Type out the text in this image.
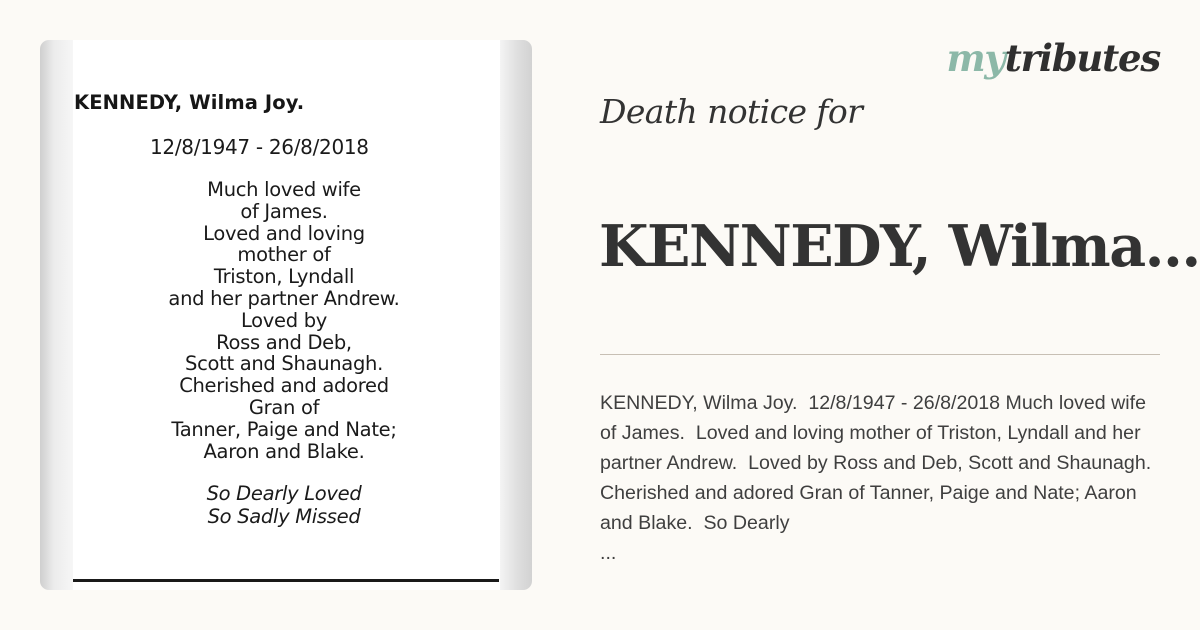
KENNEDY, Wilma Joy.
12/8/1947 - 26/8/2018
Much loved wife
of James.
Loved and loving
mother of
Triston, Lyndall
and her partner Andrew.
Loved by
Ross and Deb,
Scott and Shaunagh.
Cherished and adored
Gran of
Tanner, Paige and Nate;
Aaron and Blake.
So Dearly Loved
So Sadly Missed
mytributes
Death notice for
KENNEDY, Wilma...
KENNEDY, Wilma Joy.  12/8/1947 - 26/8/2018 Much loved wife of James.  Loved and loving mother of Triston, Lyndall and her partner Andrew.  Loved by Ross and Deb, Scott and Shaunagh.  Cherished and adored Gran of Tanner, Paige and Nate; Aaron and Blake.  So Dearly
...
